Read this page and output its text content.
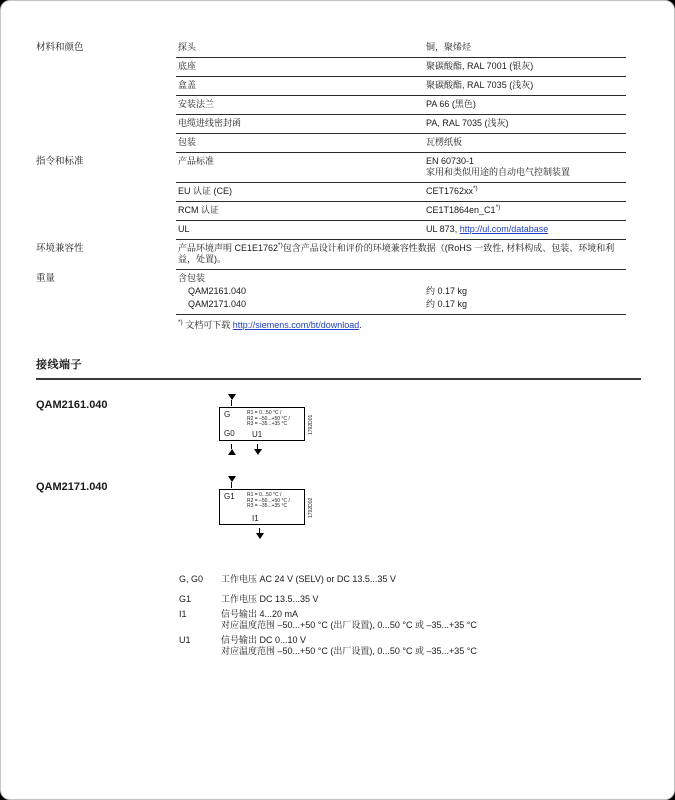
材料和颜色	探头	铜，聚烯烃
底座	聚碳酸酯, RAL 7001 (银灰)
盒盖	聚碳酸酯, RAL 7035 (浅灰)
安装法兰	PA 66 (黑色)
电缆进线密封函	PA, RAL 7035 (浅灰)
包装	瓦楞纸板
指令和标准	产品标准	EN 60730-1
家用和类似用途的自动电气控制装置
EU 认证 (CE)	CET1762xx*)
RCM 认证	CE1T1864en_C1*)
UL	UL 873, http://ul.com/database
环境兼容性	产品环境声明 CE1E1762*)包含产品设计和评价的环境兼容性数据（(RoHS 一致性, 材料构成、包装、环境和利益，处置)。
重量	含包装
QAM2161.040	约 0.17 kg
QAM2171.040	约 0.17 kg
*) 文档可下载 http://siemens.com/bt/download.
接线端子
QAM2161.040
G
G0 U1
R1 = 0...50 °C /
R2 = –50...+50 °C /
R3 = –35...+35 °C	1792D01
QAM2171.040
G1
I1
R1 = 0...50 °C /
R2 = –50...+50 °C /
R3 = –35...+35 °C	1792D02
G, G0	工作电压 AC 24 V (SELV) or DC 13.5...35 V
G1	工作电压 DC 13.5...35 V
I1	信号输出 4...20 mA
对应温度范围 –50...+50 °C (出厂设置), 0...50 °C 或 –35...+35 °C
U1	信号输出 DC 0...10 V
对应温度范围 –50...+50 °C (出厂设置), 0...50 °C 或 –35...+35 °C
